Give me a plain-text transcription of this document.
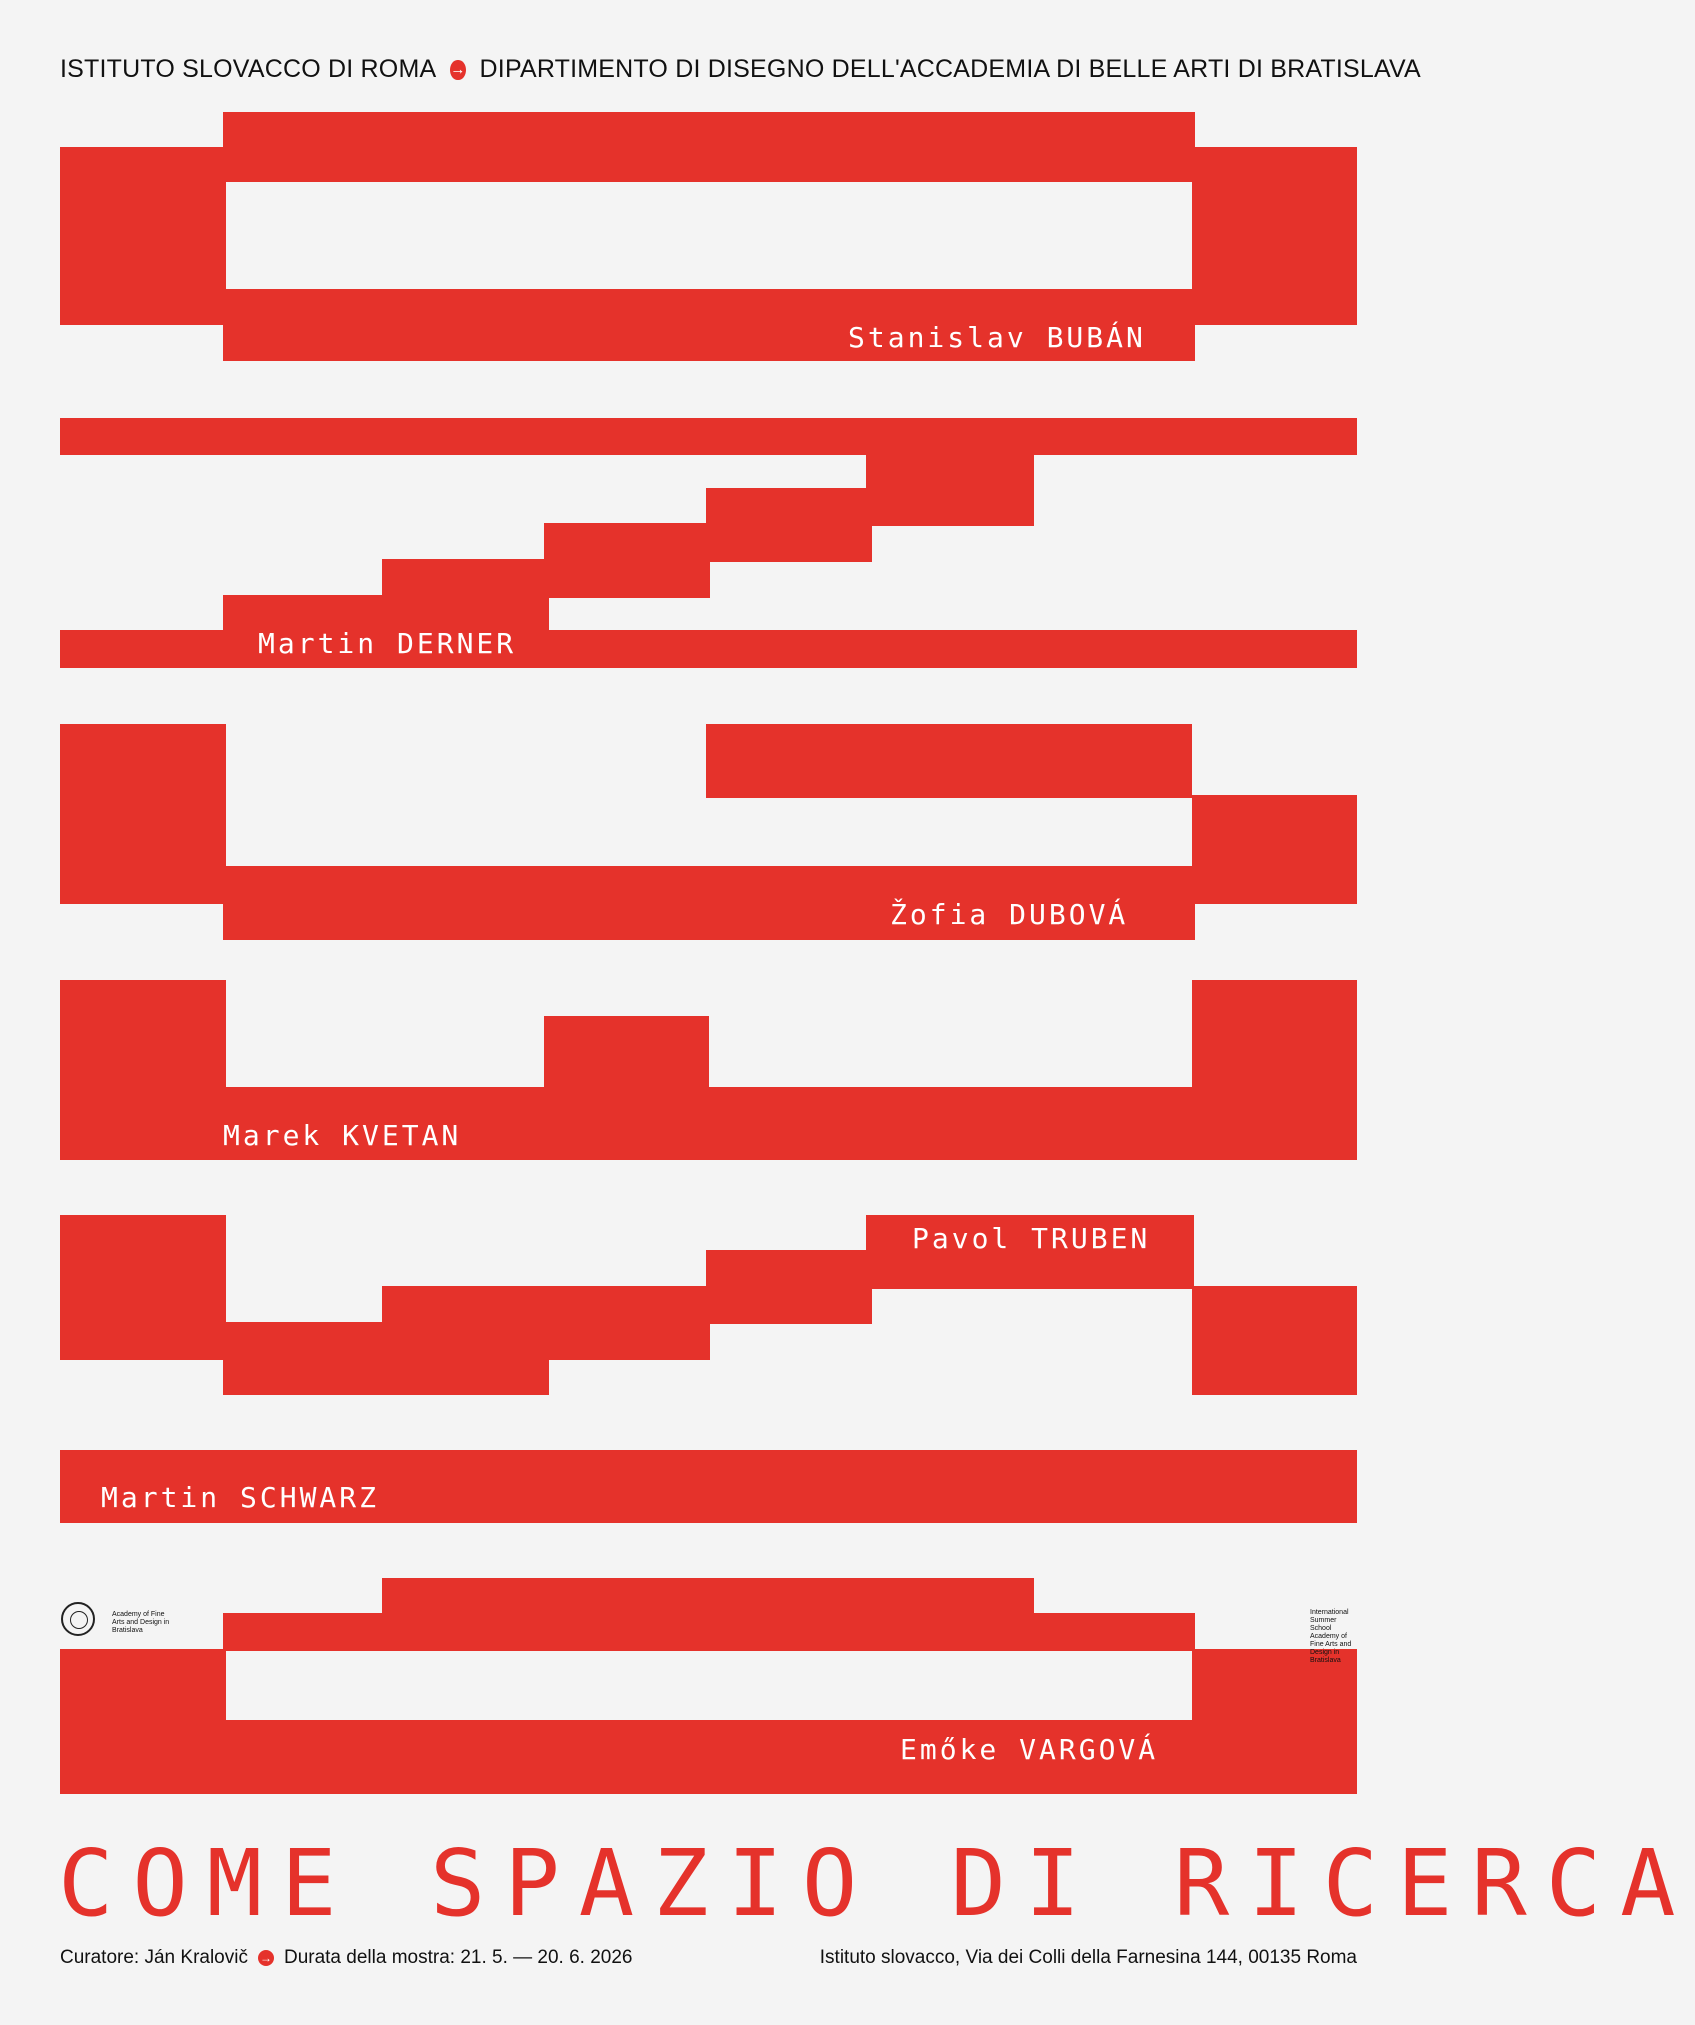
ISTITUTO SLOVACCO DI ROMA → DIPARTIMENTO DI DISEGNO DELL'ACCADEMIA DI BELLE ARTI DI BRATISLAVA
Stanislav BUBÁN
Martin DERNER
Žofia DUBOVÁ
Marek KVETAN
Pavol TRUBEN
Martin SCHWARZ
Emőke VARGOVÁ
Academy of Fine Arts and Design in Bratislava
International Summer School Academy of Fine Arts and Design in Bratislava
COME SPAZIO DI RICERCA
Curatore: Ján Kralovič → Durata della mostra: 21. 5. — 20. 6. 2026	Istituto slovacco, Via dei Colli della Farnesina 144, 00135 Roma
